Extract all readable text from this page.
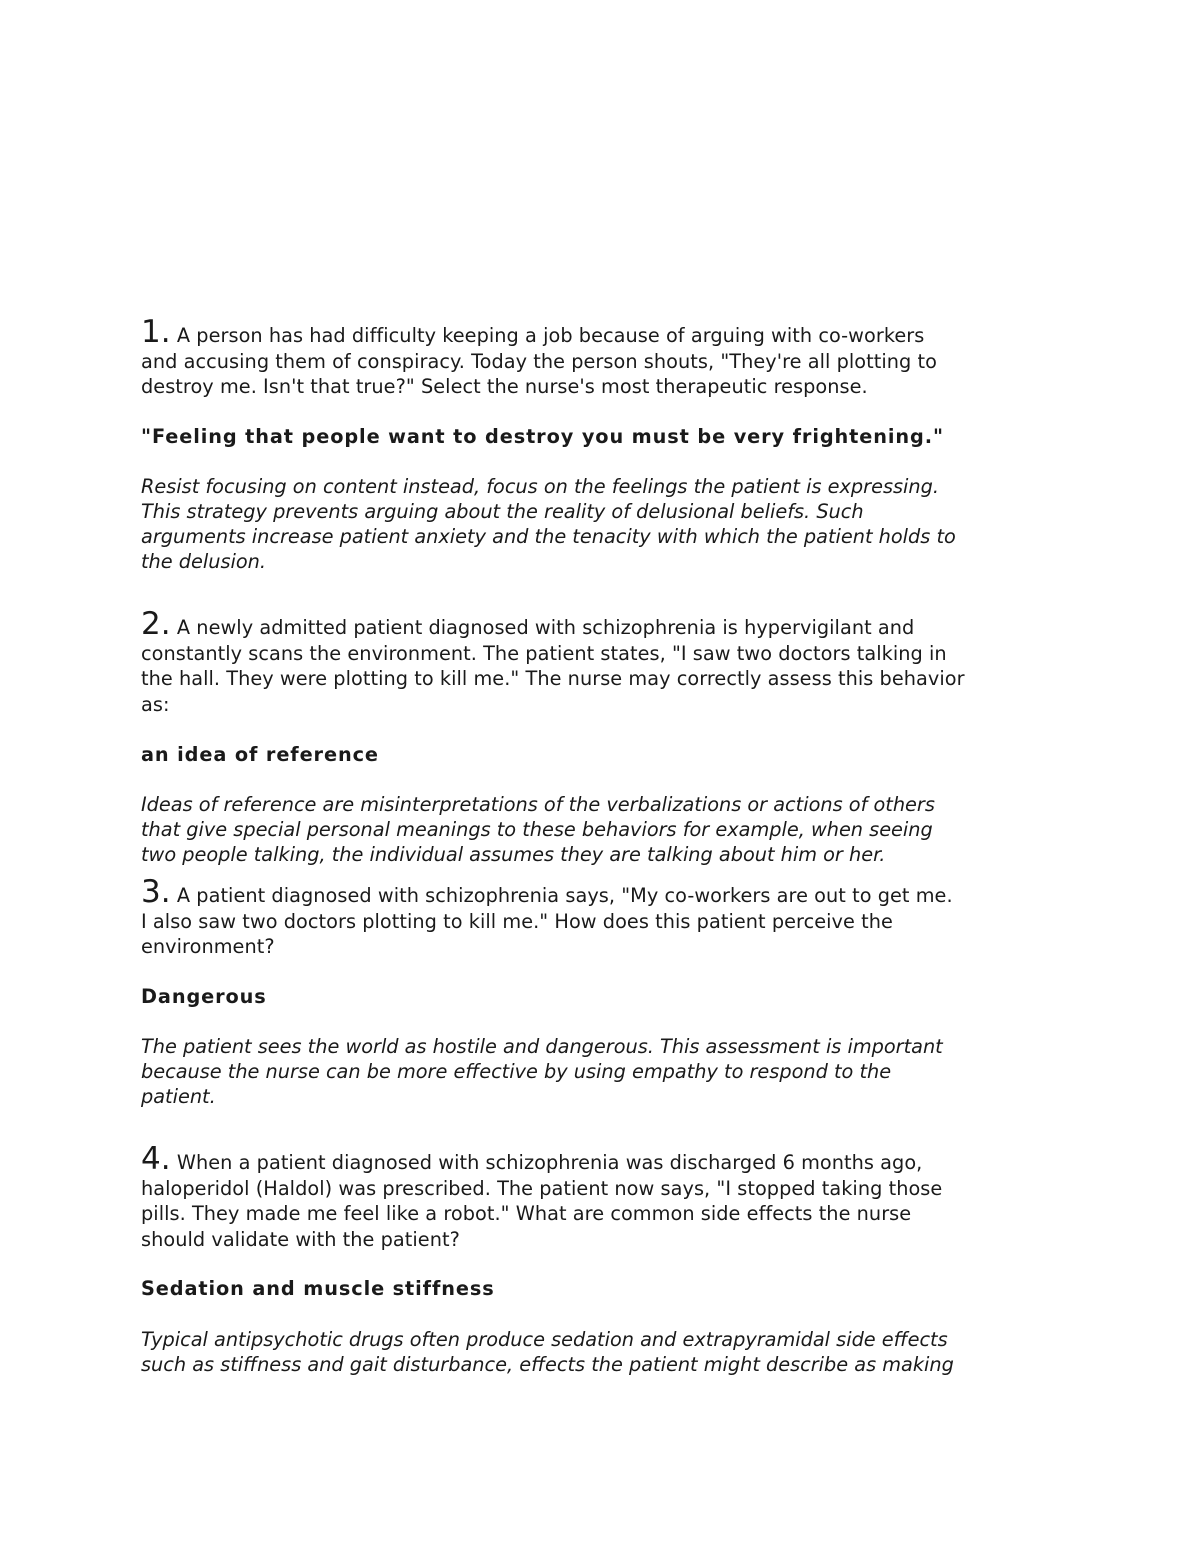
1. A person has had difficulty keeping a job because of arguing with co-workers
and accusing them of conspiracy. Today the person shouts, "They're all plotting to
destroy me. Isn't that true?" Select the nurse's most therapeutic response.

"Feeling that people want to destroy you must be very frightening."

Resist focusing on content instead, focus on the feelings the patient is expressing.
This strategy prevents arguing about the reality of delusional beliefs. Such
arguments increase patient anxiety and the tenacity with which the patient holds to
the delusion.

2. A newly admitted patient diagnosed with schizophrenia is hypervigilant and
constantly scans the environment. The patient states, "I saw two doctors talking in
the hall. They were plotting to kill me." The nurse may correctly assess this behavior
as:

an idea of reference

Ideas of reference are misinterpretations of the verbalizations or actions of others
that give special personal meanings to these behaviors for example, when seeing
two people talking, the individual assumes they are talking about him or her.

3. A patient diagnosed with schizophrenia says, "My co-workers are out to get me.
I also saw two doctors plotting to kill me." How does this patient perceive the
environment?

Dangerous

The patient sees the world as hostile and dangerous. This assessment is important
because the nurse can be more effective by using empathy to respond to the
patient.

4. When a patient diagnosed with schizophrenia was discharged 6 months ago,
haloperidol (Haldol) was prescribed. The patient now says, "I stopped taking those
pills. They made me feel like a robot." What are common side effects the nurse
should validate with the patient?

Sedation and muscle stiffness

Typical antipsychotic drugs often produce sedation and extrapyramidal side effects
such as stiffness and gait disturbance, effects the patient might describe as making
